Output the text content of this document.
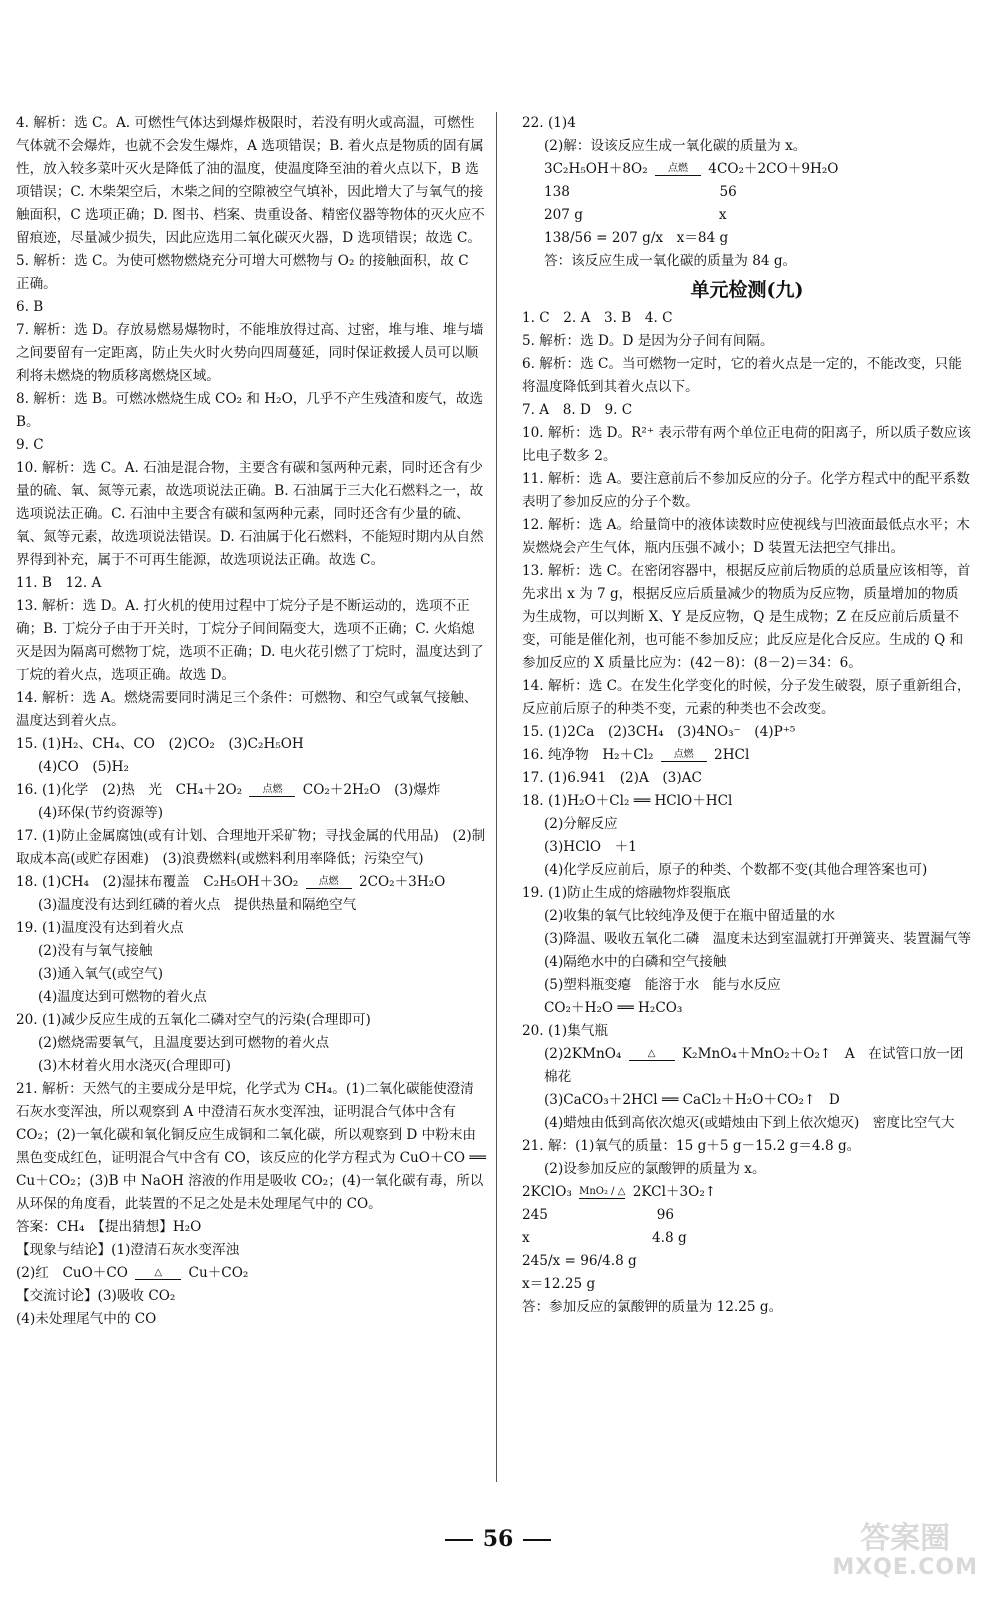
4. 解析：选 C。A. 可燃性气体达到爆炸极限时，若没有明火或高温，可燃性气体就不会爆炸，也就不会发生爆炸，A 选项错误；B. 着火点是物质的固有属性，放入较多菜叶灭火是降低了油的温度，使温度降至油的着火点以下，B 选项错误；C. 木柴架空后，木柴之间的空隙被空气填补，因此增大了与氧气的接触面积，C 选项正确；D. 图书、档案、贵重设备、精密仪器等物体的灭火应不留痕迹，尽量减少损失，因此应选用二氧化碳灭火器，D 选项错误；故选 C。
5. 解析：选 C。为使可燃物燃烧充分可增大可燃物与 O₂ 的接触面积，故 C 正确。
6. B
7. 解析：选 D。存放易燃易爆物时，不能堆放得过高、过密，堆与堆、堆与墙之间要留有一定距离，防止失火时火势向四周蔓延，同时保证救援人员可以顺利将未燃烧的物质移离燃烧区域。
8. 解析：选 B。可燃冰燃烧生成 CO₂ 和 H₂O，几乎不产生残渣和废气，故选 B。
9. C
10. 解析：选 C。A. 石油是混合物，主要含有碳和氢两种元素，同时还含有少量的硫、氧、氮等元素，故选项说法正确。B. 石油属于三大化石燃料之一，故选项说法正确。C. 石油中主要含有碳和氢两种元素，同时还含有少量的硫、氧、氮等元素，故选项说法错误。D. 石油属于化石燃料，不能短时期内从自然界得到补充，属于不可再生能源，故选项说法正确。故选 C。
11. B　12. A
13. 解析：选 D。A. 打火机的使用过程中丁烷分子是不断运动的，选项不正确；B. 丁烷分子由于开关时，丁烷分子间间隔变大，选项不正确；C. 火焰熄灭是因为隔离可燃物丁烷，选项不正确；D. 电火花引燃了丁烷时，温度达到了丁烷的着火点，选项正确。故选 D。
14. 解析：选 A。燃烧需要同时满足三个条件：可燃物、和空气或氧气接触、温度达到着火点。
15. (1)H₂、CH₄、CO　(2)CO₂　(3)C₂H₅OH
(4)CO　(5)H₂
16. (1)化学　(2)热　光　CH₄＋2O₂ 点燃 CO₂＋2H₂O　(3)爆炸
(4)环保(节约资源等)
17. (1)防止金属腐蚀(或有计划、合理地开采矿物；寻找金属的代用品)　(2)制取成本高(或贮存困难)　(3)浪费燃料(或燃料利用率降低；污染空气)
18. (1)CH₄　(2)湿抹布覆盖　C₂H₅OH＋3O₂ 点燃 2CO₂＋3H₂O
(3)温度没有达到红磷的着火点　提供热量和隔绝空气
19. (1)温度没有达到着火点
(2)没有与氧气接触
(3)通入氧气(或空气)
(4)温度达到可燃物的着火点
20. (1)减少反应生成的五氧化二磷对空气的污染(合理即可)
(2)燃烧需要氧气，且温度要达到可燃物的着火点
(3)木材着火用水浇灭(合理即可)
21. 解析：天然气的主要成分是甲烷，化学式为 CH₄。(1)二氧化碳能使澄清石灰水变浑浊，所以观察到 A 中澄清石灰水变浑浊，证明混合气体中含有 CO₂；(2)一氧化碳和氧化铜反应生成铜和二氧化碳，所以观察到 D 中粉末由黑色变成红色，证明混合气中含有 CO，该反应的化学方程式为 CuO＋CO ══ Cu＋CO₂；(3)B 中 NaOH 溶液的作用是吸收 CO₂；(4)一氧化碳有毒，所以从环保的角度看，此装置的不足之处是未处理尾气中的 CO。
答案：CH₄　【提出猜想】H₂O
【现象与结论】(1)澄清石灰水变浑浊
(2)红　CuO＋CO △ Cu＋CO₂
【交流讨论】(3)吸收 CO₂
(4)未处理尾气中的 CO
22. (1)4
(2)解：设该反应生成一氧化碳的质量为 x。
3C₂H₅OH＋8O₂ 点燃 4CO₂＋2CO＋9H₂O
138　　　　　　　　　　　56
207 g　　　　　　　　　　x
138/56 = 207 g/x　x＝84 g
答：该反应生成一氧化碳的质量为 84 g。
单元检测(九)
1. C　2. A　3. B　4. C
5. 解析：选 D。D 是因为分子间有间隔。
6. 解析：选 C。当可燃物一定时，它的着火点是一定的，不能改变，只能将温度降低到其着火点以下。
7. A　8. D　9. C
10. 解析：选 D。R²⁺ 表示带有两个单位正电荷的阳离子，所以质子数应该比电子数多 2。
11. 解析：选 A。要注意前后不参加反应的分子。化学方程式中的配平系数表明了参加反应的分子个数。
12. 解析：选 A。给量筒中的液体读数时应使视线与凹液面最低点水平；木炭燃烧会产生气体，瓶内压强不减小；D 装置无法把空气排出。
13. 解析：选 C。在密闭容器中，根据反应前后物质的总质量应该相等，首先求出 x 为 7 g，根据反应后质量减少的物质为反应物，质量增加的物质为生成物，可以判断 X、Y 是反应物，Q 是生成物；Z 在反应前后质量不变，可能是催化剂，也可能不参加反应；此反应是化合反应。生成的 Q 和参加反应的 X 质量比应为：(42－8)：(8－2)＝34：6。
14. 解析：选 C。在发生化学变化的时候，分子发生破裂，原子重新组合，反应前后原子的种类不变，元素的种类也不会改变。
15. (1)2Ca　(2)3CH₄　(3)4NO₃⁻　(4)P⁺⁵
16. 纯净物　H₂＋Cl₂ 点燃 2HCl
17. (1)6.941　(2)A　(3)AC
18. (1)H₂O＋Cl₂ ══ HClO＋HCl
(2)分解反应
(3)HClO　＋1
(4)化学反应前后，原子的种类、个数都不变(其他合理答案也可)
19. (1)防止生成的熔融物炸裂瓶底
(2)收集的氧气比较纯净及便于在瓶中留适量的水
(3)降温、吸收五氧化二磷　温度未达到室温就打开弹簧夹、装置漏气等
(4)隔绝水中的白磷和空气接触
(5)塑料瓶变瘪　能溶于水　能与水反应
CO₂＋H₂O ══ H₂CO₃
20. (1)集气瓶
(2)2KMnO₄ △ K₂MnO₄＋MnO₂＋O₂↑　A　在试管口放一团棉花
(3)CaCO₃＋2HCl ══ CaCl₂＋H₂O＋CO₂↑　D
(4)蜡烛由低到高依次熄灭(或蜡烛由下到上依次熄灭)　密度比空气大
21. 解：(1)氧气的质量：15 g＋5 g－15.2 g＝4.8 g。
(2)设参加反应的氯酸钾的质量为 x。
2KClO₃ MnO₂ / △ 2KCl＋3O₂↑
245　　　　　　　　96
x　　　　　　　　　4.8 g
245/x = 96/4.8 g
x＝12.25 g
答：参加反应的氯酸钾的质量为 12.25 g。
56	答案圈
MXQE.COM
